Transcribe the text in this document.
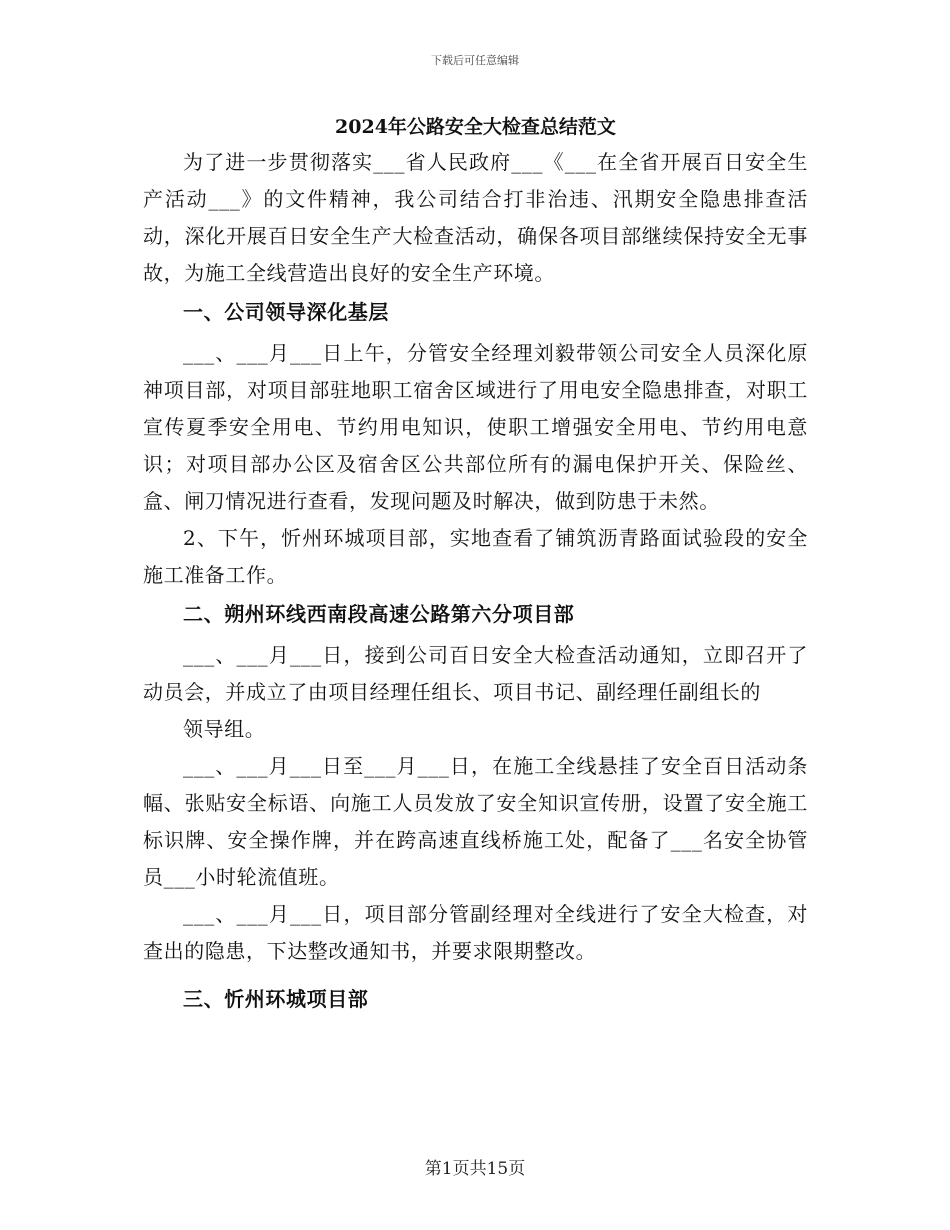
下载后可任意编辑
2024年公路安全大检查总结范文

为了进一步贯彻落实___省人民政府___《___在全省开展百日安全生产活动___》的文件精神，我公司结合打非治违、汛期安全隐患排查活动，深化开展百日安全生产大检查活动，确保各项目部继续保持安全无事故，为施工全线营造出良好的安全生产环境。

一、公司领导深化基层

___、___月___日上午，分管安全经理刘毅带领公司安全人员深化原神项目部，对项目部驻地职工宿舍区域进行了用电安全隐患排查，对职工宣传夏季安全用电、节约用电知识，使职工增强安全用电、节约用电意识；对项目部办公区及宿舍区公共部位所有的漏电保护开关、保险丝、盒、闸刀情况进行查看，发现问题及时解决，做到防患于未然。

2、下午，忻州环城项目部，实地查看了铺筑沥青路面试验段的安全施工准备工作。

二、朔州环线西南段高速公路第六分项目部

___、___月___日，接到公司百日安全大检查活动通知，立即召开了动员会，并成立了由项目经理任组长、项目书记、副经理任副组长的

领导组。

___、___月___日至___月___日，在施工全线悬挂了安全百日活动条幅、张贴安全标语、向施工人员发放了安全知识宣传册，设置了安全施工标识牌、安全操作牌，并在跨高速直线桥施工处，配备了___名安全协管员___小时轮流值班。

___、___月___日，项目部分管副经理对全线进行了安全大检查，对查出的隐患，下达整改通知书，并要求限期整改。

三、忻州环城项目部
第1页共15页
